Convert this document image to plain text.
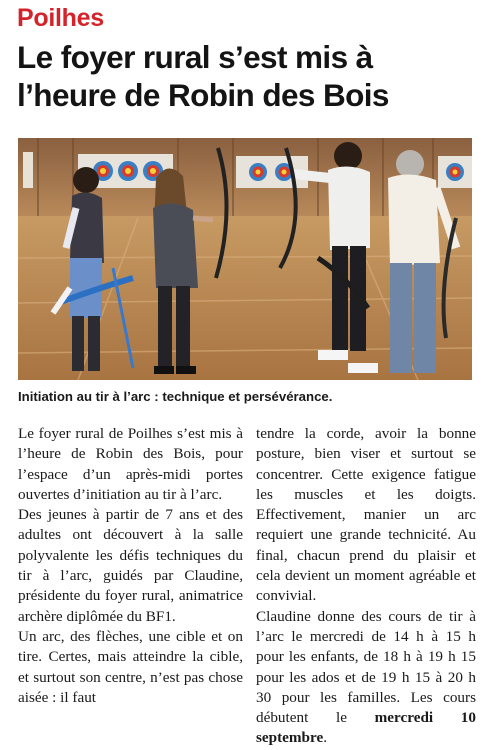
Poilhes
Le foyer rural s’est mis à
l’heure de Robin des Bois
Initiation au tir à l’arc : technique et persévérance.

Le foyer rural de Poilhes s’est mis à l’heure de Robin des Bois, pour l’espace d’un après-midi portes ouvertes d’initiation au tir à l’arc.

Des jeunes à partir de 7 ans et des adultes ont découvert à la salle polyvalente les défis techniques du tir à l’arc, guidés par Claudine, présidente du foyer rural, animatrice archère diplômée du BF1.

Un arc, des flèches, une cible et on tire. Certes, mais atteindre la cible, et surtout son centre, n’est pas chose aisée : il faut

tendre la corde, avoir la bonne posture, bien viser et surtout se concentrer. Cette exigence fatigue les muscles et les doigts. Effectivement, manier un arc requiert une grande technicité. Au final, chacun prend du plaisir et cela devient un moment agréable et convivial.

Claudine donne des cours de tir à l’arc le mercredi de 14 h à 15 h pour les enfants, de 18 h à 19 h 15 pour les ados et de 19 h 15 à 20 h 30 pour les familles. Les cours débutent le mercredi 10 septembre.
